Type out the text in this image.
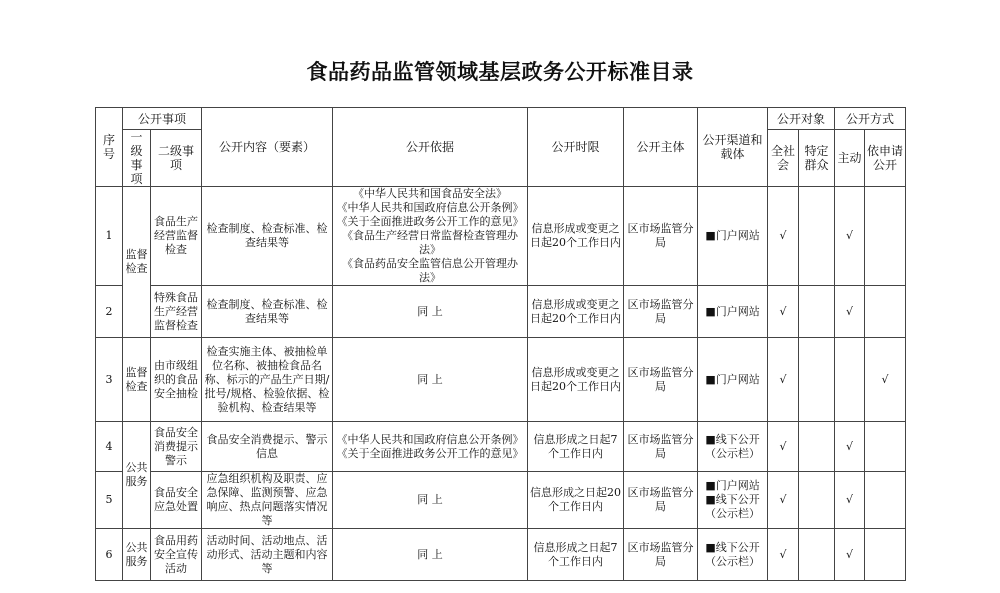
食品药品监管领域基层政务公开标准目录
序号	公开事项		公开内容（要素）	公开依据	公开时限	公开主体	公开渠道和载体	公开对象		公开方式	
	一级事项	二级事项						全社会	特定群众	主动	依申请公开
1	监督检查	食品生产经营监督检查	检查制度、检查标准、检查结果等	《中华人民共和国食品安全法》
《中华人民共和国政府信息公开条例》
《关于全面推进政务公开工作的意见》
《食品生产经营日常监督检查管理办法》
《食品药品安全监管信息公开管理办法》	信息形成或变更之日起20个工作日内	区市场监管分局	■门户网站	√		√	
2		特殊食品生产经营监督检查	检查制度、检查标准、检查结果等	同 上	信息形成或变更之日起20个工作日内	区市场监管分局	■门户网站	√		√	
3	监督检查	由市级组织的食品安全抽检	检查实施主体、被抽检单位名称、被抽检食品名称、标示的产品生产日期/批号/规格、检验依据、检验机构、检查结果等	同 上	信息形成或变更之日起20个工作日内	区市场监管分局	■门户网站	√			√
4	公共服务	食品安全消费提示警示	食品安全消费提示、警示信息	《中华人民共和国政府信息公开条例》
《关于全面推进政务公开工作的意见》	信息形成之日起7个工作日内	区市场监管分局	■线下公开
（公示栏）	√		√	
5		食品安全应急处置	应急组织机构及职责、应急保障、监测预警、应急响应、热点问题落实情况等	同 上	信息形成之日起20个工作日内	区市场监管分局	■门户网站
■线下公开
（公示栏）	√		√	
6	公共服务	食品用药安全宣传活动	活动时间、活动地点、活动形式、活动主题和内容等	同 上	信息形成之日起7个工作日内	区市场监管分局	■线下公开
（公示栏）	√		√	
